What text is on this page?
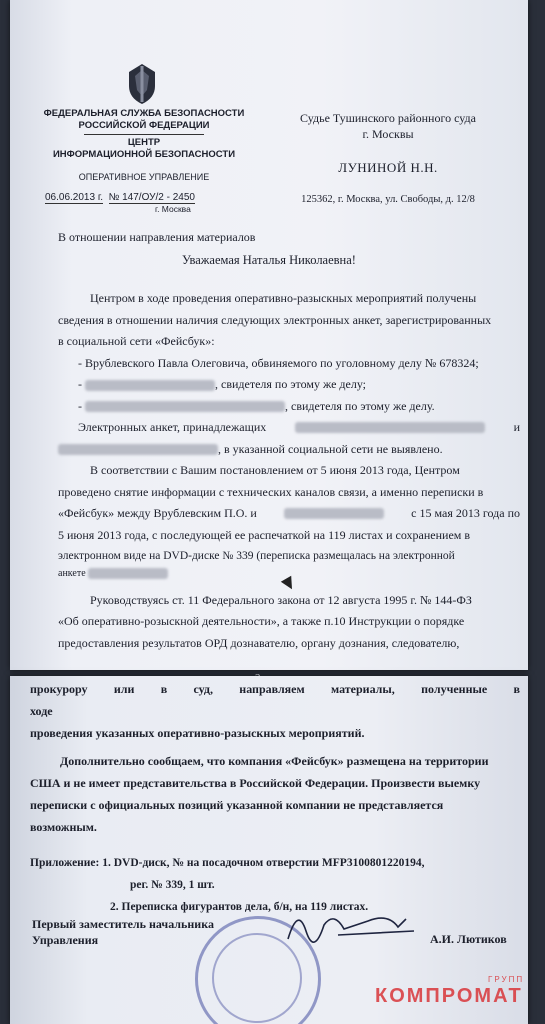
ФЕДЕРАЛЬНАЯ СЛУЖБА БЕЗОПАСНОСТИ
РОССИЙСКОЙ ФЕДЕРАЦИИ
ЦЕНТР
ИНФОРМАЦИОННОЙ БЕЗОПАСНОСТИ
ОПЕРАТИВНОЕ УПРАВЛЕНИЕ
06.06.2013 г. № 147/ОУ/2 - 2450
г. Москва
Судье Тушинского районного суда
г. Москвы
ЛУНИНОЙ Н.Н.
125362, г. Москва, ул. Свободы, д. 12/8
В отношении направления материалов
Уважаемая Наталья Николаевна!
Центром в ходе проведения оперативно-разыскных мероприятий получены
сведения в отношении наличия следующих электронных анкет, зарегистрированных
в социальной сети «Фейсбук»:
- Врублевского Павла Олеговича, обвиняемого по уголовному делу № 678324;
-	, свидетеля по этому же делу;
-	, свидетеля по этому же делу.
Электронных анкет, принадлежащих	и
, в указанной социальной сети не выявлено.
В соответствии с Вашим постановлением от 5 июня 2013 года, Центром
проведено снятие информации с технических каналов связи, а именно переписки в
«Фейсбук» между Врублевским П.О. и	с 15 мая 2013 года по
5 июня 2013 года, с последующей ее распечаткой на 119 листах и сохранением в
электронном виде на DVD-диске № 339 (переписка размещалась на электронной
анкете
Руководствуясь ст. 11 Федерального закона от 12 августа 1995 г. № 144-ФЗ
«Об оперативно-розыскной деятельности», а также п.10 Инструкции о порядке
предоставления результатов ОРД дознавателю, органу дознания, следователю,
прокурору или в суд, направляем материалы, полученные в ходе
проведения указанных оперативно-разыскных мероприятий.
Дополнительно сообщаем, что компания «Фейсбук» размещена на территории
США и не имеет представительства в Российской Федерации. Произвести выемку
переписки с официальных позиций указанной компании не представляется
возможным.
Приложение: 1. DVD-диск, № на посадочном отверстии MFP3100801220194,
рег. № 339, 1 шт.
2. Переписка фигурантов дела, б/н, на 119 листах.
Первый заместитель начальника
Управления	А.И. Лютиков
ГРУПП
КОМПРОМАТ
